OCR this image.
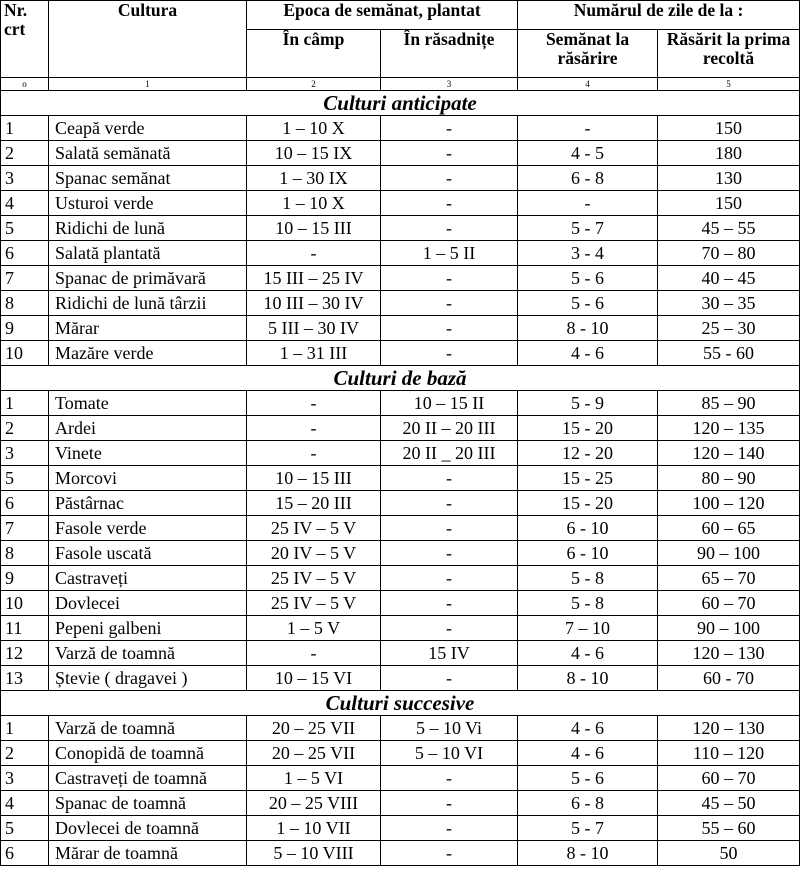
Nr. crt	Cultura	Epoca de semănat, plantat		Numărul de zile de la :	
		În câmp	În răsadnițe	Semănat la răsărire	Răsărit la prima recoltă
o	1	2	3	4	5
Culturi anticipate					
1	Ceapă verde	1 – 10 X	-	-	150
2	Salată semănată	10 – 15 IX	-	4 - 5	180
3	Spanac semănat	1 – 30 IX	-	6 - 8	130
4	Usturoi verde	1 – 10 X	-	-	150
5	Ridichi de lună	10 – 15 III	-	5 - 7	45 – 55
6	Salată plantată	-	1 – 5 II	3 - 4	70 – 80
7	Spanac de primăvară	15 III – 25 IV	-	5 - 6	40 – 45
8	Ridichi de lună târzii	10 III – 30 IV	-	5 - 6	30 – 35
9	Mărar	5 III – 30 IV	-	8 - 10	25 – 30
10	Mazăre verde	1 – 31 III	-	4 - 6	55 - 60
Culturi de bază					
1	Tomate	-	10 – 15 II	5 - 9	85 – 90
2	Ardei	-	20 II – 20 III	15 - 20	120 – 135
3	Vinete	-	20 II _ 20 III	12 - 20	120 – 140
5	Morcovi	10 – 15 III	-	15 - 25	80 – 90
6	Păstârnac	15 – 20 III	-	15 - 20	100 – 120
7	Fasole verde	25 IV – 5 V	-	6 - 10	60 – 65
8	Fasole uscată	20 IV – 5 V	-	6 - 10	90 – 100
9	Castraveți	25 IV – 5 V	-	5 - 8	65 – 70
10	Dovlecei	25 IV – 5 V	-	5 - 8	60 – 70
11	Pepeni galbeni	1 – 5 V	-	7 – 10	90 – 100
12	Varză de toamnă	-	15 IV	4 - 6	120 – 130
13	Ștevie ( dragavei )	10 – 15 VI	-	8 - 10	60 - 70
Culturi succesive					
1	Varză de toamnă	20 – 25 VII	5 – 10 Vi	4 - 6	120 – 130
2	Conopidă de toamnă	20 – 25 VII	5 – 10 VI	4 - 6	110 – 120
3	Castraveți de toamnă	1 – 5 VI	-	5 - 6	60 – 70
4	Spanac de toamnă	20 – 25 VIII	-	6 - 8	45 – 50
5	Dovlecei de toamnă	1 – 10 VII	-	5 - 7	55 – 60
6	Mărar de toamnă	5 – 10 VIII	-	8 - 10	50
